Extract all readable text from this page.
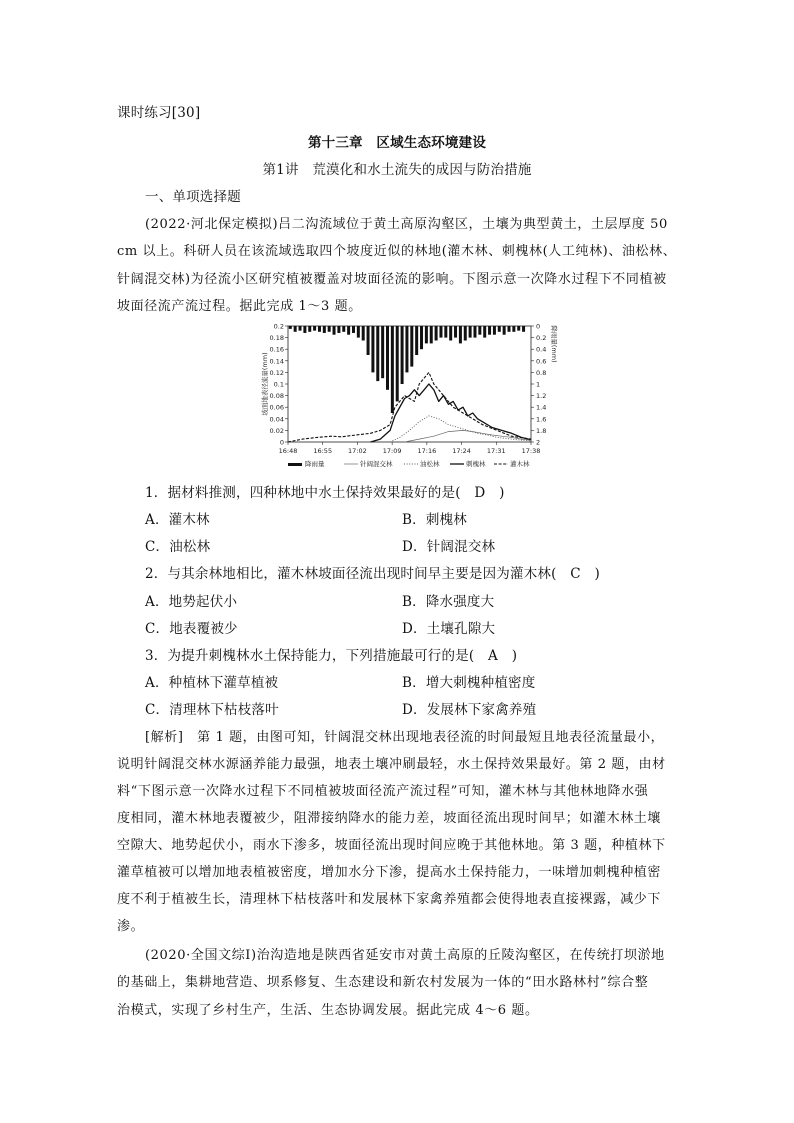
课时练习[30]
第十三章　区域生态环境建设
第1讲　荒漠化和水土流失的成因与防治措施
一、单项选择题
(2022·河北保定模拟)吕二沟流域位于黄土高原沟壑区，土壤为典型黄土，土层厚度 50
cm 以上。科研人员在该流域选取四个坡度近似的林地(灌木林、刺槐林(人工纯林)、油松林、
针阔混交林)为径流小区研究植被覆盖对坡面径流的影响。下图示意一次降水过程下不同植被
坡面径流产流过程。据此完成 1～3 题。
0
0.02
0.04
0.06
0.08
0.1
0.12
0.14
0.16
0.18
0.2	0
0.2
0.4
0.6
0.8
1
1.2
1.4
1.6
1.8
2
16:48 16:55 17:02 17:09 17:16 17:24 17:31 17:38
坡面地表径流量(mm)
降雨量(mm)
降雨量	针阔混交林	油松林	刺槐林	灌木林
1．据材料推测，四种林地中水土保持效果最好的是(　D　)
A．灌木林	B．刺槐林
C．油松林	D．针阔混交林
2．与其余林地相比，灌木林坡面径流出现时间早主要是因为灌木林(　C　)
A．地势起伏小	B．降水强度大
C．地表覆被少	D．土壤孔隙大
3．为提升刺槐林水土保持能力，下列措施最可行的是(　A　)
A．种植林下灌草植被	B．增大刺槐种植密度
C．清理林下枯枝落叶	D．发展林下家禽养殖
[解析]　第 1 题，由图可知，针阔混交林出现地表径流的时间最短且地表径流量最小，
说明针阔混交林水源涵养能力最强，地表土壤冲刷最轻，水土保持效果最好。第 2 题，由材
料“下图示意一次降水过程下不同植被坡面径流产流过程”可知，灌木林与其他林地降水强
度相同，灌木林地表覆被少，阻滞接纳降水的能力差，坡面径流出现时间早；如灌木林土壤
空隙大、地势起伏小，雨水下渗多，坡面径流出现时间应晚于其他林地。第 3 题，种植林下
灌草植被可以增加地表植被密度，增加水分下渗，提高水土保持能力，一味增加刺槐种植密
度不利于植被生长，清理林下枯枝落叶和发展林下家禽养殖都会使得地表直接裸露，减少下
渗。
(2020·全国文综Ⅰ)治沟造地是陕西省延安市对黄土高原的丘陵沟壑区，在传统打坝淤地
的基础上，集耕地营造、坝系修复、生态建设和新农村发展为一体的“田水路林村”综合整
治模式，实现了乡村生产，生活、生态协调发展。据此完成 4～6 题。
